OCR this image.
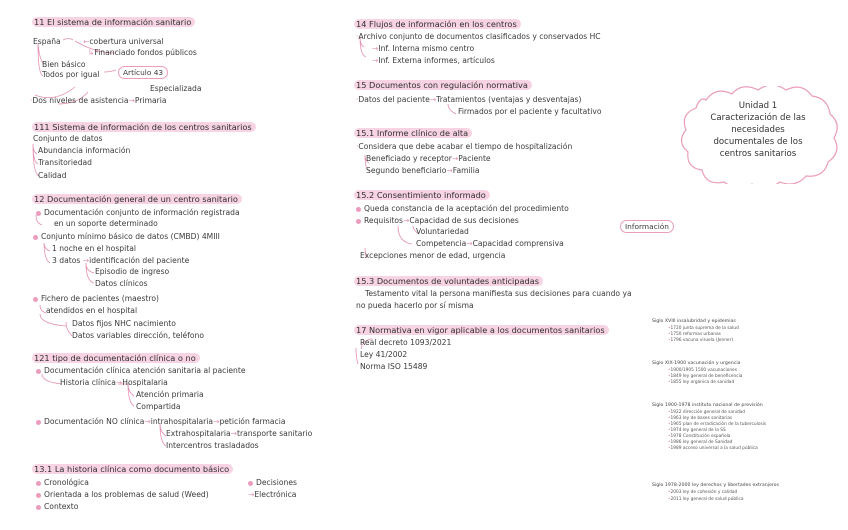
11 El sistema de información sanitario
España	←cobertura universal
↳Financiado fondos públicos
Bien básico
Todos por igual	Artículo 43
Especializada
·Dos niveles de asistencia→Primaria
111 Sistema de información de los centros sanitarios
Conjunto de datos
Abundancia información
Transitoriedad
Calidad
12 Documentación general de un centro sanitario
Documentación conjunto de información registrada
en un soporte determinado
Conjunto mínimo básico de datos (CMBD) 4MIII
1 noche en el hospital
3 datos →identificación del paciente
Episodio de ingreso
Datos clínicos
Fichero de pacientes (maestro)
atendidos en el hospital
Datos fijos NHC nacimiento
Datos variables dirección, teléfono
121 tipo de documentación clínica o no
Documentación clínica atención sanitaria al paciente
Historia clínica→Hospitalaria
Atención primaria
Compartida
Documentación NO clínica→intrahospitalaria→petición farmacia
Extrahospitalaria→transporte sanitario
Intercentros trasladados
13.1 La historia clínica como documento básico
Cronológica
Orientada a los problemas de salud (Weed)
Contexto
Decisiones
→Electrónica
14 Flujos de información en los centros
·Archivo conjunto de documentos clasificados y conservados HC
→Inf. Interna mismo centro
→Inf. Externa informes, artículos
15 Documentos con regulación normativa
·Datos del paciente→Tratamientos (ventajas y desventajas)
Firmados por el paciente y facultativo
15.1 Informe clínico de alta
·Considera que debe acabar el tiempo de hospitalización
Beneficiado y receptor→Paciente
Segundo beneficiario→Familia
15.2 Consentimiento informado
Queda constancia de la aceptación del procedimiento
Requisitos→Capacidad de sus decisiones
Información
Voluntariedad
Competencia→Capacidad comprensiva
Excepciones menor de edad, urgencia
15.3 Documentos de voluntades anticipadas
Testamento vital la persona manifiesta sus decisiones para cuando ya
no pueda hacerlo por sí misma
17 Normativa en vigor aplicable a los documentos sanitarios
Real decreto 1093/2021
Ley 41/2002
Norma ISO 15489
Unidad 1
Caracterización de las
necesidades
documentales de los
centros sanitarios
Siglo XVIII insalubridad y epidemias
•1720 junta suprema de la salud
•1750 reformas urbanas
•1796 vacuna viruela (Jenner)
Siglo XIX-1900 vacunación y urgencia
•1900/1905 1500 vacunaciones
•1849 ley general de beneficencia
•1855 ley orgánica de sanidad
Siglo 1900-1978 instituto nacional de previsión
•1922 dirección general de sanidad
•1963 ley de bases sanitarias
•1965 plan de erradicación de la tuberculosis
•1974 ley general de la SS
•1978 Constitución española
•1986 ley general de Sanidad
•1989 acceso universal a la salud pública
Siglo 1978-2000 ley derechos y libertades extranjeros
•2003 ley de cohesión y calidad
•2011 ley general de salud pública
